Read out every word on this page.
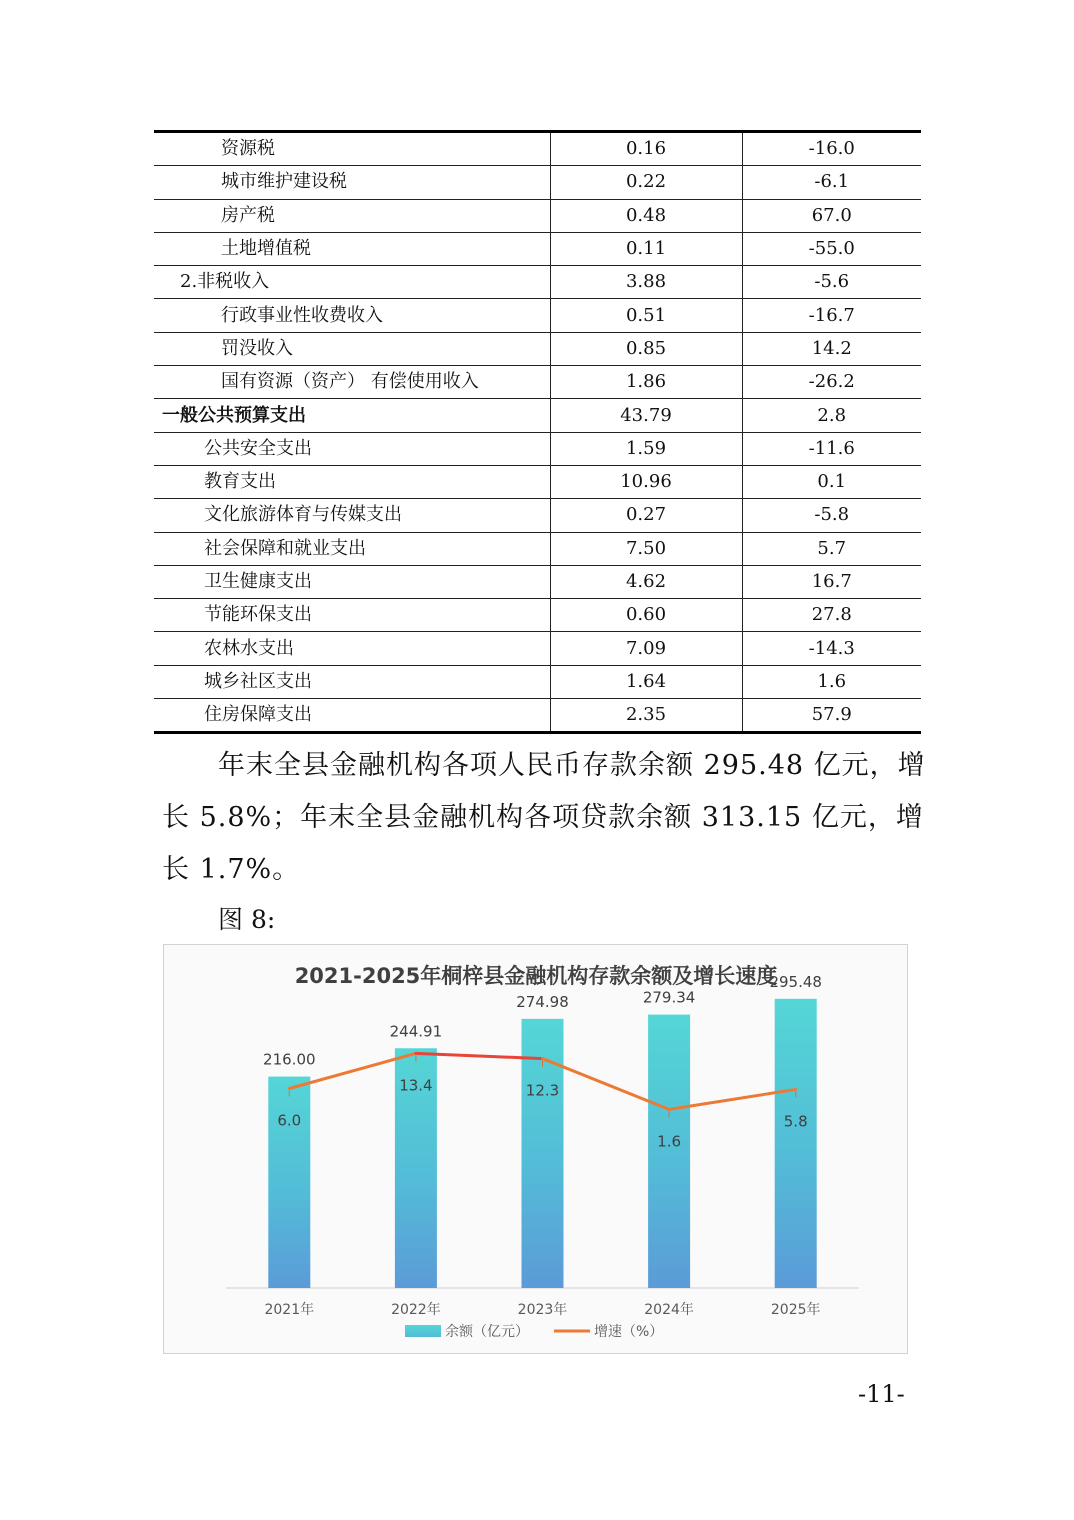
资源税	0.16	-16.0
城市维护建设税	0.22	-6.1
房产税	0.48	67.0
土地增值税	0.11	-55.0
2.非税收入	3.88	-5.6
行政事业性收费收入	0.51	-16.7
罚没收入	0.85	14.2
国有资源（资产） 有偿使用收入	1.86	-26.2
一般公共预算支出	43.79	2.8
公共安全支出	1.59	-11.6
教育支出	10.96	0.1
文化旅游体育与传媒支出	0.27	-5.8
社会保障和就业支出	7.50	5.7
卫生健康支出	4.62	16.7
节能环保支出	0.60	27.8
农林水支出	7.09	-14.3
城乡社区支出	1.64	1.6
住房保障支出	2.35	57.9

年末全县金融机构各项人民币存款余额 295.48 亿元，增长 5.8%；年末全县金融机构各项贷款余额 313.15 亿元，增长 1.7%。

图 8:

2021-2025年桐梓县金融机构存款余额及增长速度
216.00
2021年
244.91
2022年
274.98
2023年
279.34
2024年
295.48
2025年
6.0
13.4	12.3
1.6
5.8
余额（亿元）	增速（%）

-11-
